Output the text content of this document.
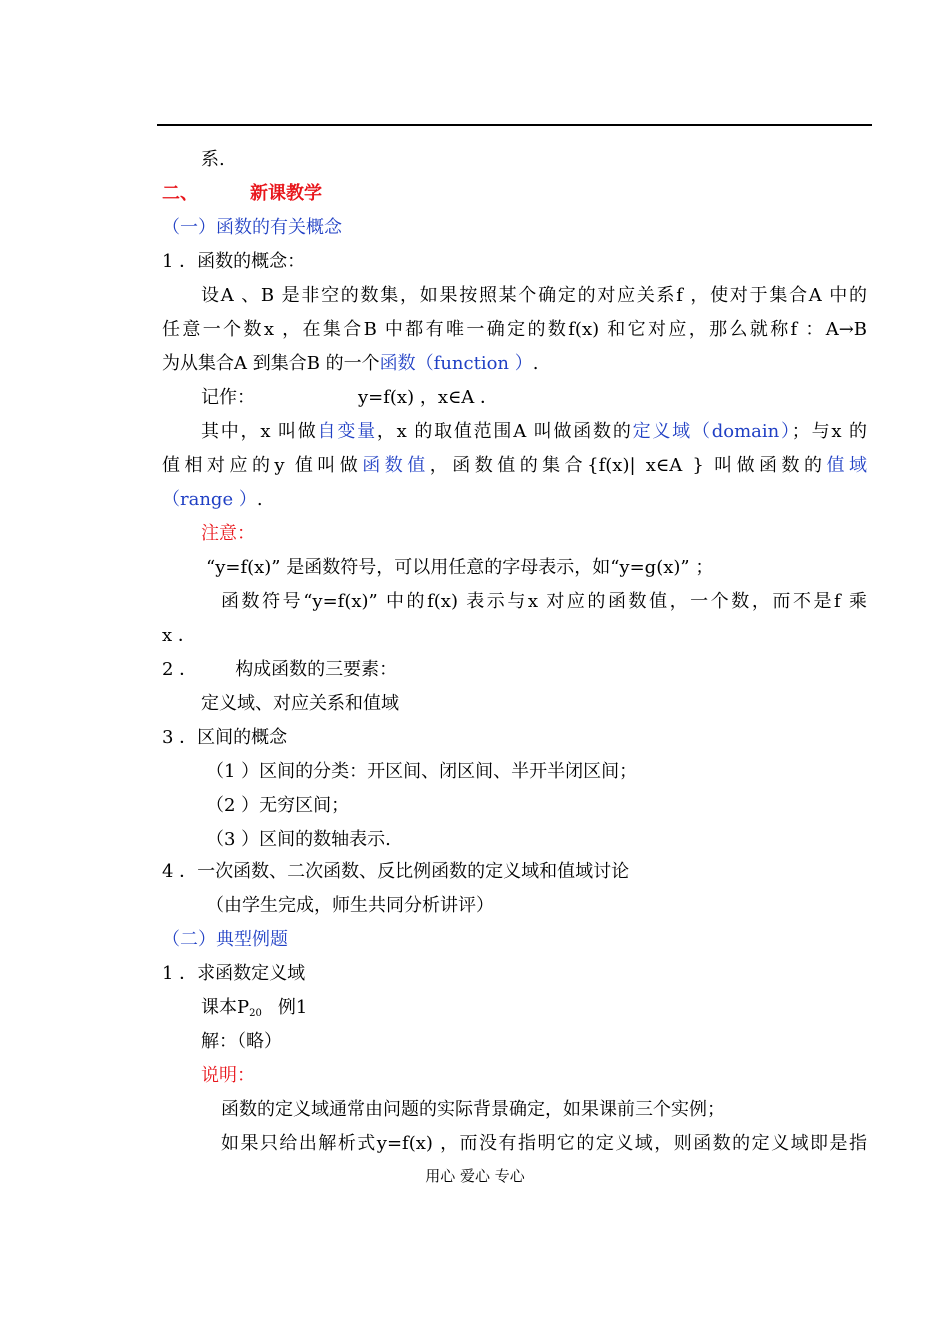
系.
二、	新课教学
（一）函数的有关概念
1 ．函数的概念：
设A 、B 是非空的数集，如果按照某个确定的对应关系f ，使对于集合A 中的
任意一个数x ，在集合B 中都有唯一确定的数f(x) 和它对应，那么就称f ：A→B
为从集合A 到集合B 的一个函数（function ）.
记作：	y=f(x) ，x∈A ．
其中，x 叫做自变量，x 的取值范围A 叫做函数的定义域（domain）；与x 的
值相对应的y 值叫做函数值，函数值的集合{f(x)| x∈A } 叫做函数的值域
（range ）.
注意：
“y=f(x)” 是函数符号，可以用任意的字母表示，如“y=g(x)” ；
函数符号“y=f(x)” 中的f(x) 表示与x 对应的函数值，一个数，而不是f 乘
x ．
2 ． 构成函数的三要素：
定义域、对应关系和值域
3 ．区间的概念
（1 ）区间的分类：开区间、闭区间、半开半闭区间；
（2 ）无穷区间；
（3 ）区间的数轴表示.
4 ．一次函数、二次函数、反比例函数的定义域和值域讨论
（由学生完成，师生共同分析讲评）
（二）典型例题
1 ．求函数定义域
课本$P_{20}$ 例1
解：（略）
说明：
函数的定义域通常由问题的实际背景确定，如果课前三个实例；
如果只给出解析式y=f(x) ，而没有指明它的定义域，则函数的定义域即是指
用心 爱心 专心
